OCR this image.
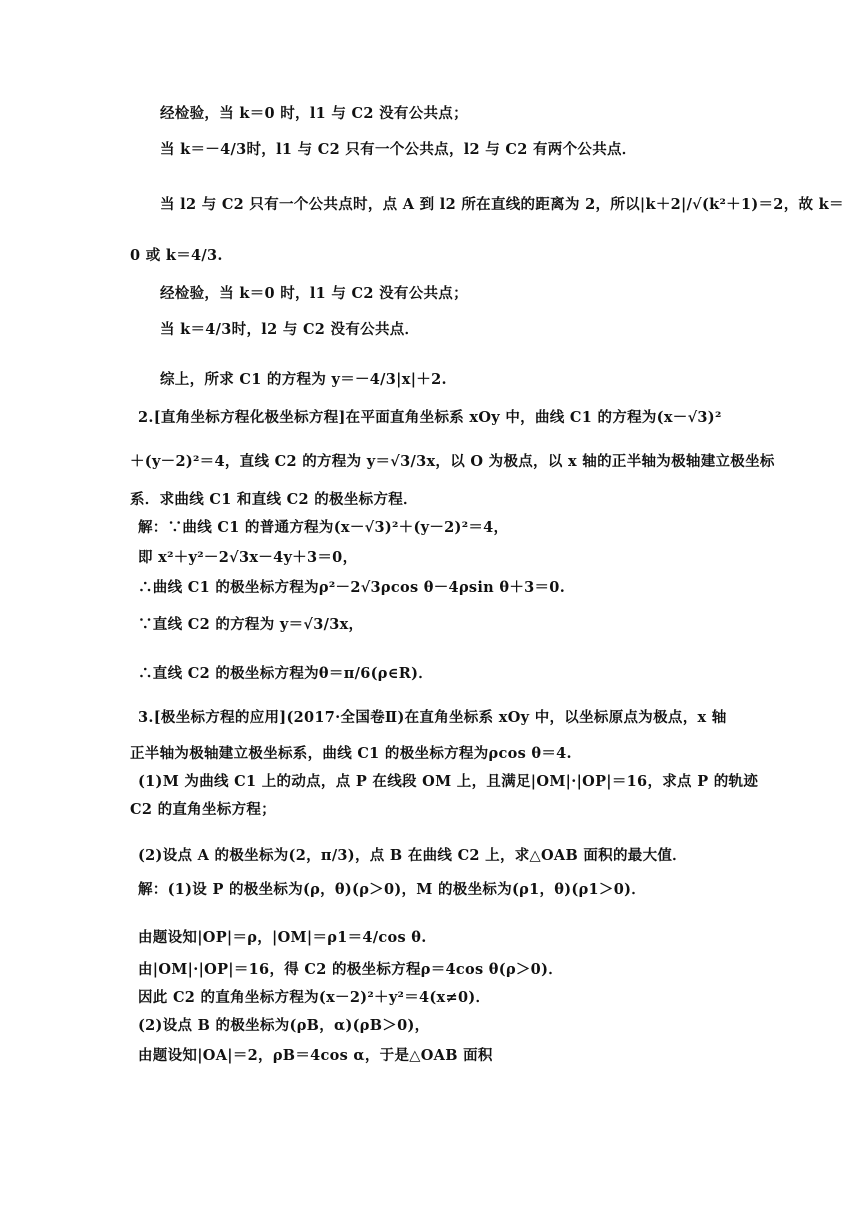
经检验，当 k＝0 时，l1 与 C2 没有公共点；
当 k＝－4/3时，l1 与 C2 只有一个公共点，l2 与 C2 有两个公共点．
当 l2 与 C2 只有一个公共点时，点 A 到 l2 所在直线的距离为 2，所以|k＋2|/√(k²＋1)＝2，故 k＝
0 或 k＝4/3.
经检验，当 k＝0 时，l1 与 C2 没有公共点；
当 k＝4/3时，l2 与 C2 没有公共点．
综上，所求 C1 的方程为 y＝－4/3|x|＋2.
2.[直角坐标方程化极坐标方程]在平面直角坐标系 xOy 中，曲线 C1 的方程为(x－√3)²
＋(y－2)²＝4，直线 C2 的方程为 y＝√3/3x，以 O 为极点，以 x 轴的正半轴为极轴建立极坐标
系．求曲线 C1 和直线 C2 的极坐标方程．
解：∵曲线 C1 的普通方程为(x－√3)²＋(y－2)²＝4，
即 x²＋y²－2√3x－4y＋3＝0，
∴曲线 C1 的极坐标方程为ρ²－2√3ρcos θ－4ρsin θ＋3＝0.
∵直线 C2 的方程为 y＝√3/3x，
∴直线 C2 的极坐标方程为θ＝π/6(ρ∈R)．
3.[极坐标方程的应用](2017·全国卷Ⅱ)在直角坐标系 xOy 中，以坐标原点为极点，x 轴
正半轴为极轴建立极坐标系，曲线 C1 的极坐标方程为ρcos θ＝4.
(1)M 为曲线 C1 上的动点，点 P 在线段 OM 上，且满足|OM|·|OP|＝16，求点 P 的轨迹
C2 的直角坐标方程；
(2)设点 A 的极坐标为(2，π/3)，点 B 在曲线 C2 上，求△OAB 面积的最大值．
解：(1)设 P 的极坐标为(ρ，θ)(ρ＞0)，M 的极坐标为(ρ1，θ)(ρ1＞0)．
由题设知|OP|＝ρ，|OM|＝ρ1＝4/cos θ.
由|OM|·|OP|＝16，得 C2 的极坐标方程ρ＝4cos θ(ρ＞0)．
因此 C2 的直角坐标方程为(x－2)²＋y²＝4(x≠0)．
(2)设点 B 的极坐标为(ρB，α)(ρB＞0)，
由题设知|OA|＝2，ρB＝4cos α，于是△OAB 面积
